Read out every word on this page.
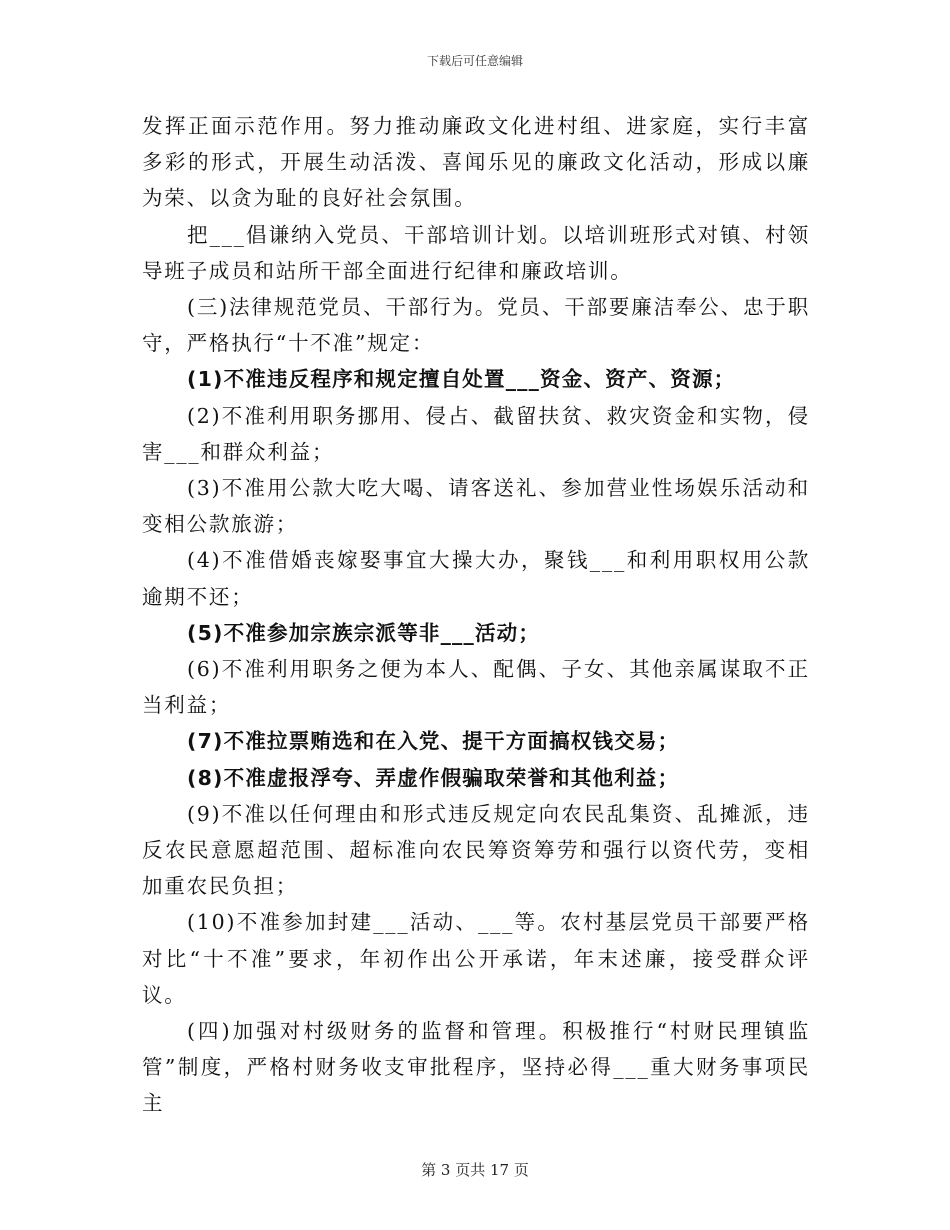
下载后可任意编辑

发挥正面示范作用。努力推动廉政文化进村组、进家庭，实行丰富多彩的形式，开展生动活泼、喜闻乐见的廉政文化活动，形成以廉为荣、以贪为耻的良好社会氛围。

把___倡谦纳入党员、干部培训计划。以培训班形式对镇、村领导班子成员和站所干部全面进行纪律和廉政培训。

(三)法律规范党员、干部行为。党员、干部要廉洁奉公、忠于职守，严格执行“十不准”规定：

(1)不准违反程序和规定擅自处置___资金、资产、资源；

(2)不准利用职务挪用、侵占、截留扶贫、救灾资金和实物，侵害___和群众利益；

(3)不准用公款大吃大喝、请客送礼、参加营业性场娱乐活动和变相公款旅游；

(4)不准借婚丧嫁娶事宜大操大办，聚钱___和利用职权用公款逾期不还；

(5)不准参加宗族宗派等非___活动；

(6)不准利用职务之便为本人、配偶、子女、其他亲属谋取不正当利益；

(7)不准拉票贿选和在入党、提干方面搞权钱交易；

(8)不准虚报浮夸、弄虚作假骗取荣誉和其他利益；

(9)不准以任何理由和形式违反规定向农民乱集资、乱摊派，违反农民意愿超范围、超标准向农民筹资筹劳和强行以资代劳，变相加重农民负担；

(10)不准参加封建___活动、___等。农村基层党员干部要严格对比“十不准”要求，年初作出公开承诺，年末述廉，接受群众评议。

(四)加强对村级财务的监督和管理。积极推行“村财民理镇监管”制度，严格村财务收支审批程序，坚持必得___重大财务事项民主

第 3 页共 17 页
